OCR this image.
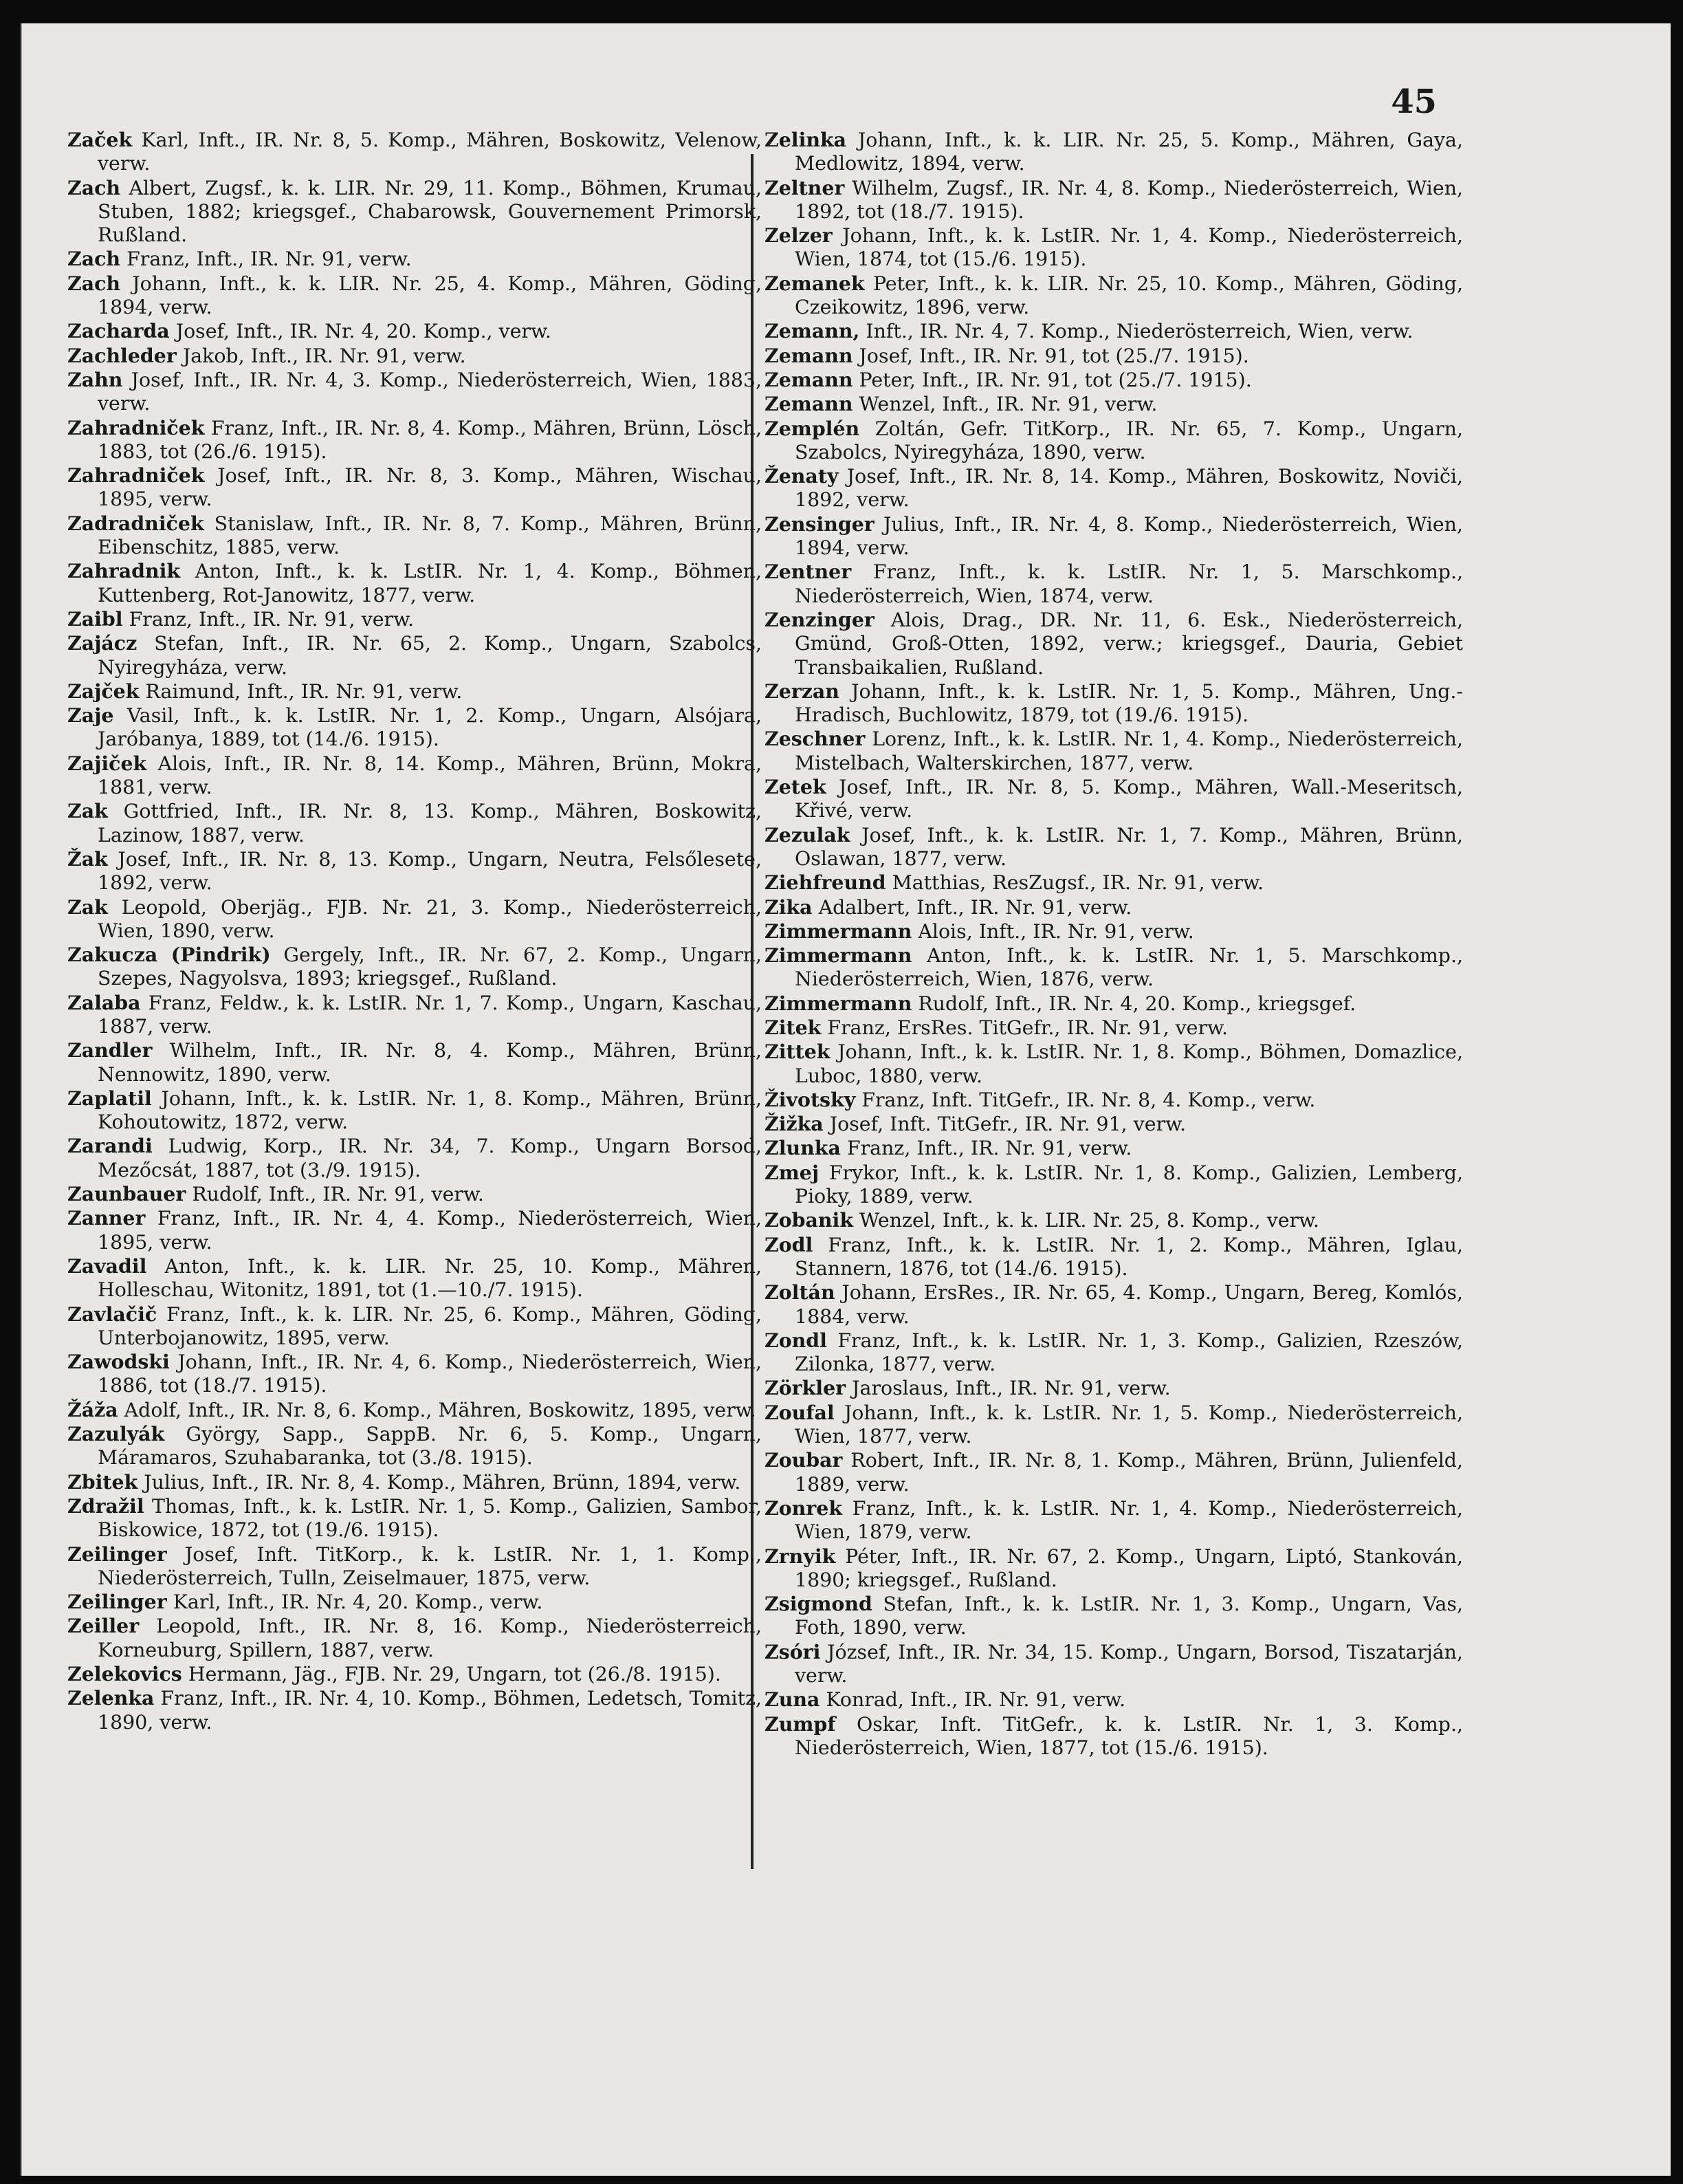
45

Začek Karl, Inft., IR. Nr. 8, 5. Komp., Mähren, Boskowitz, Velenow, verw.

Zach Albert, Zugsf., k. k. LIR. Nr. 29, 11. Komp., Böhmen, Krumau, Stuben, 1882; kriegsgef., Chabarowsk, Gouvernement Primorsk, Rußland.

Zach Franz, Inft., IR. Nr. 91, verw.

Zach Johann, Inft., k. k. LIR. Nr. 25, 4. Komp., Mähren, Göding, 1894, verw.

Zacharda Josef, Inft., IR. Nr. 4, 20. Komp., verw.

Zachleder Jakob, Inft., IR. Nr. 91, verw.

Zahn Josef, Inft., IR. Nr. 4, 3. Komp., Niederösterreich, Wien, 1883, verw.

Zahradniček Franz, Inft., IR. Nr. 8, 4. Komp., Mähren, Brünn, Lösch, 1883, tot (26./6. 1915).

Zahradniček Josef, Inft., IR. Nr. 8, 3. Komp., Mähren, Wischau, 1895, verw.

Zadradniček Stanislaw, Inft., IR. Nr. 8, 7. Komp., Mähren, Brünn, Eibenschitz, 1885, verw.

Zahradnik Anton, Inft., k. k. LstIR. Nr. 1, 4. Komp., Böhmen, Kuttenberg, Rot-Janowitz, 1877, verw.

Zaibl Franz, Inft., IR. Nr. 91, verw.

Zajácz Stefan, Inft., IR. Nr. 65, 2. Komp., Ungarn, Szabolcs, Nyiregyháza, verw.

Zajček Raimund, Inft., IR. Nr. 91, verw.

Zaje Vasil, Inft., k. k. LstIR. Nr. 1, 2. Komp., Ungarn, Alsójara, Jarόbanya, 1889, tot (14./6. 1915).

Zajiček Alois, Inft., IR. Nr. 8, 14. Komp., Mähren, Brünn, Mokra, 1881, verw.

Zak Gottfried, Inft., IR. Nr. 8, 13. Komp., Mähren, Boskowitz, Lazinow, 1887, verw.

Žak Josef, Inft., IR. Nr. 8, 13. Komp., Ungarn, Neutra, Felsőlesete, 1892, verw.

Zak Leopold, Oberjäg., FJB. Nr. 21, 3. Komp., Niederösterreich, Wien, 1890, verw.

Zakucza (Pindrik) Gergely, Inft., IR. Nr. 67, 2. Komp., Ungarn, Szepes, Nagyolsva, 1893; kriegsgef., Rußland.

Zalaba Franz, Feldw., k. k. LstIR. Nr. 1, 7. Komp., Ungarn, Kaschau, 1887, verw.

Zandler Wilhelm, Inft., IR. Nr. 8, 4. Komp., Mähren, Brünn, Nennowitz, 1890, verw.

Zaplatil Johann, Inft., k. k. LstIR. Nr. 1, 8. Komp., Mähren, Brünn, Kohoutowitz, 1872, verw.

Zarandi Ludwig, Korp., IR. Nr. 34, 7. Komp., Ungarn Borsod, Mezőcsát, 1887, tot (3./9. 1915).

Zaunbauer Rudolf, Inft., IR. Nr. 91, verw.

Zanner Franz, Inft., IR. Nr. 4, 4. Komp., Niederösterreich, Wien, 1895, verw.

Zavadil Anton, Inft., k. k. LIR. Nr. 25, 10. Komp., Mähren, Holleschau, Witonitz, 1891, tot (1.—10./7. 1915).

Zavlačič Franz, Inft., k. k. LIR. Nr. 25, 6. Komp., Mähren, Göding, Unterbojanowitz, 1895, verw.

Zawodski Johann, Inft., IR. Nr. 4, 6. Komp., Niederösterreich, Wien, 1886, tot (18./7. 1915).

Žáža Adolf, Inft., IR. Nr. 8, 6. Komp., Mähren, Boskowitz, 1895, verw.

Zazulyák György, Sapp., SappB. Nr. 6, 5. Komp., Ungarn, Máramaros, Szuhabaranka, tot (3./8. 1915).

Zbitek Julius, Inft., IR. Nr. 8, 4. Komp., Mähren, Brünn, 1894, verw.

Zdražil Thomas, Inft., k. k. LstIR. Nr. 1, 5. Komp., Galizien, Sambor, Biskowice, 1872, tot (19./6. 1915).

Zeilinger Josef, Inft. TitKorp., k. k. LstIR. Nr. 1, 1. Komp., Niederösterreich, Tulln, Zeiselmauer, 1875, verw.

Zeilinger Karl, Inft., IR. Nr. 4, 20. Komp., verw.

Zeiller Leopold, Inft., IR. Nr. 8, 16. Komp., Niederösterreich, Korneuburg, Spillern, 1887, verw.

Zelekovics Hermann, Jäg., FJB. Nr. 29, Ungarn, tot (26./8. 1915).

Zelenka Franz, Inft., IR. Nr. 4, 10. Komp., Böhmen, Ledetsch, Tomitz, 1890, verw.

Zelinka Johann, Inft., k. k. LIR. Nr. 25, 5. Komp., Mähren, Gaya, Medlowitz, 1894, verw.

Zeltner Wilhelm, Zugsf., IR. Nr. 4, 8. Komp., Niederösterreich, Wien, 1892, tot (18./7. 1915).

Zelzer Johann, Inft., k. k. LstIR. Nr. 1, 4. Komp., Niederösterreich, Wien, 1874, tot (15./6. 1915).

Zemanek Peter, Inft., k. k. LIR. Nr. 25, 10. Komp., Mähren, Göding, Czeikowitz, 1896, verw.

Zemann, Inft., IR. Nr. 4, 7. Komp., Niederösterreich, Wien, verw.

Zemann Josef, Inft., IR. Nr. 91, tot (25./7. 1915).

Zemann Peter, Inft., IR. Nr. 91, tot (25./7. 1915).

Zemann Wenzel, Inft., IR. Nr. 91, verw.

Zemplén Zoltán, Gefr. TitKorp., IR. Nr. 65, 7. Komp., Ungarn, Szabolcs, Nyiregyháza, 1890, verw.

Ženaty Josef, Inft., IR. Nr. 8, 14. Komp., Mähren, Boskowitz, Noviči, 1892, verw.

Zensinger Julius, Inft., IR. Nr. 4, 8. Komp., Niederösterreich, Wien, 1894, verw.

Zentner Franz, Inft., k. k. LstIR. Nr. 1, 5. Marschkomp., Niederösterreich, Wien, 1874, verw.

Zenzinger Alois, Drag., DR. Nr. 11, 6. Esk., Niederösterreich, Gmünd, Groß-Otten, 1892, verw.; kriegsgef., Dauria, Gebiet Transbaikalien, Rußland.

Zerzan Johann, Inft., k. k. LstIR. Nr. 1, 5. Komp., Mähren, Ung.-Hradisch, Buchlowitz, 1879, tot (19./6. 1915).

Zeschner Lorenz, Inft., k. k. LstIR. Nr. 1, 4. Komp., Niederösterreich, Mistelbach, Walterskirchen, 1877, verw.

Zetek Josef, Inft., IR. Nr. 8, 5. Komp., Mähren, Wall.-Meseritsch, Křivé, verw.

Zezulak Josef, Inft., k. k. LstIR. Nr. 1, 7. Komp., Mähren, Brünn, Oslawan, 1877, verw.

Ziehfreund Matthias, ResZugsf., IR. Nr. 91, verw.

Zika Adalbert, Inft., IR. Nr. 91, verw.

Zimmermann Alois, Inft., IR. Nr. 91, verw.

Zimmermann Anton, Inft., k. k. LstIR. Nr. 1, 5. Marschkomp., Niederösterreich, Wien, 1876, verw.

Zimmermann Rudolf, Inft., IR. Nr. 4, 20. Komp., kriegsgef.

Zitek Franz, ErsRes. TitGefr., IR. Nr. 91, verw.

Zittek Johann, Inft., k. k. LstIR. Nr. 1, 8. Komp., Böhmen, Domazlice, Luboc, 1880, verw.

Životsky Franz, Inft. TitGefr., IR. Nr. 8, 4. Komp., verw.

Žižka Josef, Inft. TitGefr., IR. Nr. 91, verw.

Zlunka Franz, Inft., IR. Nr. 91, verw.

Zmej Frykor, Inft., k. k. LstIR. Nr. 1, 8. Komp., Galizien, Lemberg, Pioky, 1889, verw.

Zobanik Wenzel, Inft., k. k. LIR. Nr. 25, 8. Komp., verw.

Zodl Franz, Inft., k. k. LstIR. Nr. 1, 2. Komp., Mähren, Iglau, Stannern, 1876, tot (14./6. 1915).

Zoltán Johann, ErsRes., IR. Nr. 65, 4. Komp., Ungarn, Bereg, Komlós, 1884, verw.

Zondl Franz, Inft., k. k. LstIR. Nr. 1, 3. Komp., Galizien, Rzeszów, Zilonka, 1877, verw.

Zörkler Jaroslaus, Inft., IR. Nr. 91, verw.

Zoufal Johann, Inft., k. k. LstIR. Nr. 1, 5. Komp., Niederösterreich, Wien, 1877, verw.

Zoubar Robert, Inft., IR. Nr. 8, 1. Komp., Mähren, Brünn, Julienfeld, 1889, verw.

Zonrek Franz, Inft., k. k. LstIR. Nr. 1, 4. Komp., Niederösterreich, Wien, 1879, verw.

Zrnyik Péter, Inft., IR. Nr. 67, 2. Komp., Ungarn, Liptó, Stankován, 1890; kriegsgef., Rußland.

Zsigmond Stefan, Inft., k. k. LstIR. Nr. 1, 3. Komp., Ungarn, Vas, Foth, 1890, verw.

Zsóri József, Inft., IR. Nr. 34, 15. Komp., Ungarn, Borsod, Tiszatarján, verw.

Zuna Konrad, Inft., IR. Nr. 91, verw.

Zumpf Oskar, Inft. TitGefr., k. k. LstIR. Nr. 1, 3. Komp., Niederösterreich, Wien, 1877, tot (15./6. 1915).
